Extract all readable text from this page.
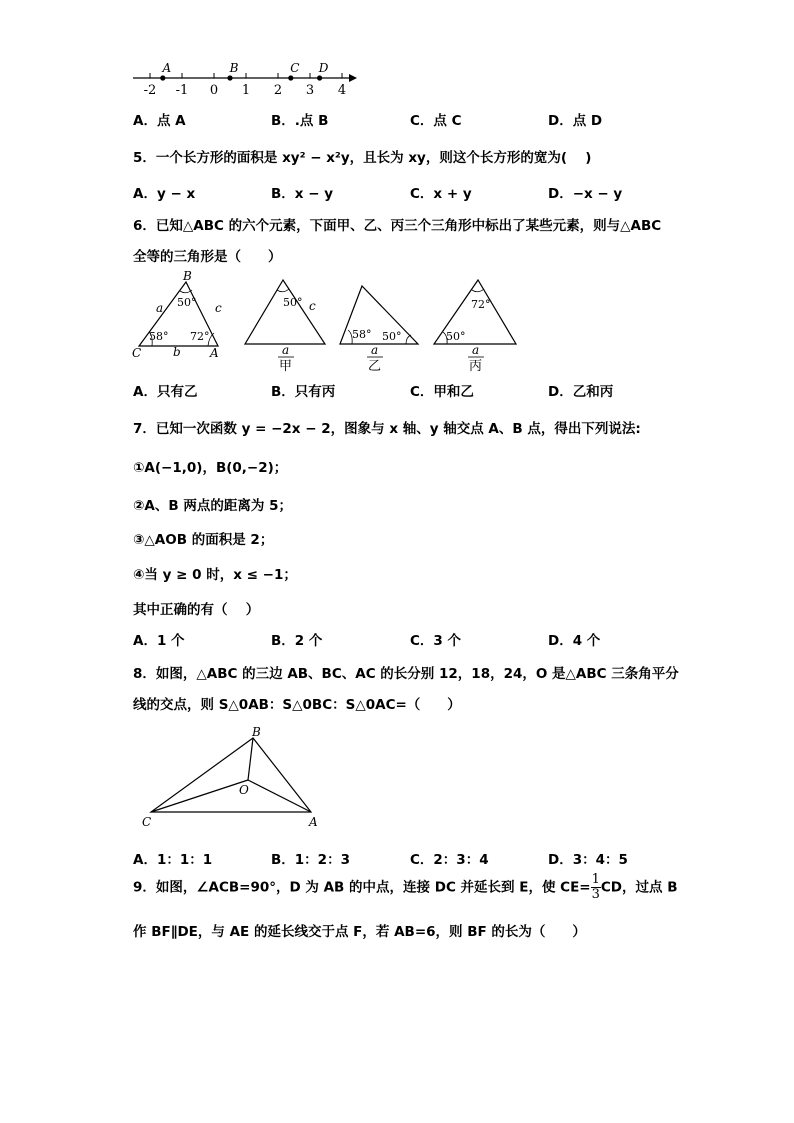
-2 -1 0 1 2 3 4
A	B	C D
A．点 A	B．.点 B	C．点 C	D．点 D
5．一个长方形的面积是 xy² − x²y，且长为 xy，则这个长方形的宽为(　 )
A．y − x	B．x − y	C．x + y	D．−x − y
6．已知△ABC 的六个元素，下面甲、乙、丙三个三角形中标出了某些元素，则与△ABC
全等的三角形是（　　）
B
C	A
a
b
c
50°
58° 72°
50° c
a
甲
58° 50°
a
乙
72°
50°
a
丙
A．只有乙	B．只有丙	C．甲和乙	D．乙和丙
7．已知一次函数 y = −2x − 2，图象与 x 轴、y 轴交点 A、B 点，得出下列说法:
①A(−1,0)，B(0,−2)；
②A、B 两点的距离为 5；
③△AOB 的面积是 2；
④当 y ≥ 0 时，x ≤ −1；
其中正确的有（　 ）
A．1 个	B．2 个	C．3 个	D．4 个
8．如图，△ABC 的三边 AB、BC、AC 的长分别 12，18，24，O 是△ABC 三条角平分
线的交点，则 S△0AB：S△0BC：S△0AC=（　　）
B
O
C	A
A．1：1：1	B．1：2：3	C．2：3：4	D．3：4：5
9．如图，∠ACB=90°，D 为 AB 的中点，连接 DC 并延长到 E，使 $CE= \frac{1}{3}$ CD，过点 B
作 BF∥DE，与 AE 的延长线交于点 F，若 AB=6，则 BF 的长为（　　）
